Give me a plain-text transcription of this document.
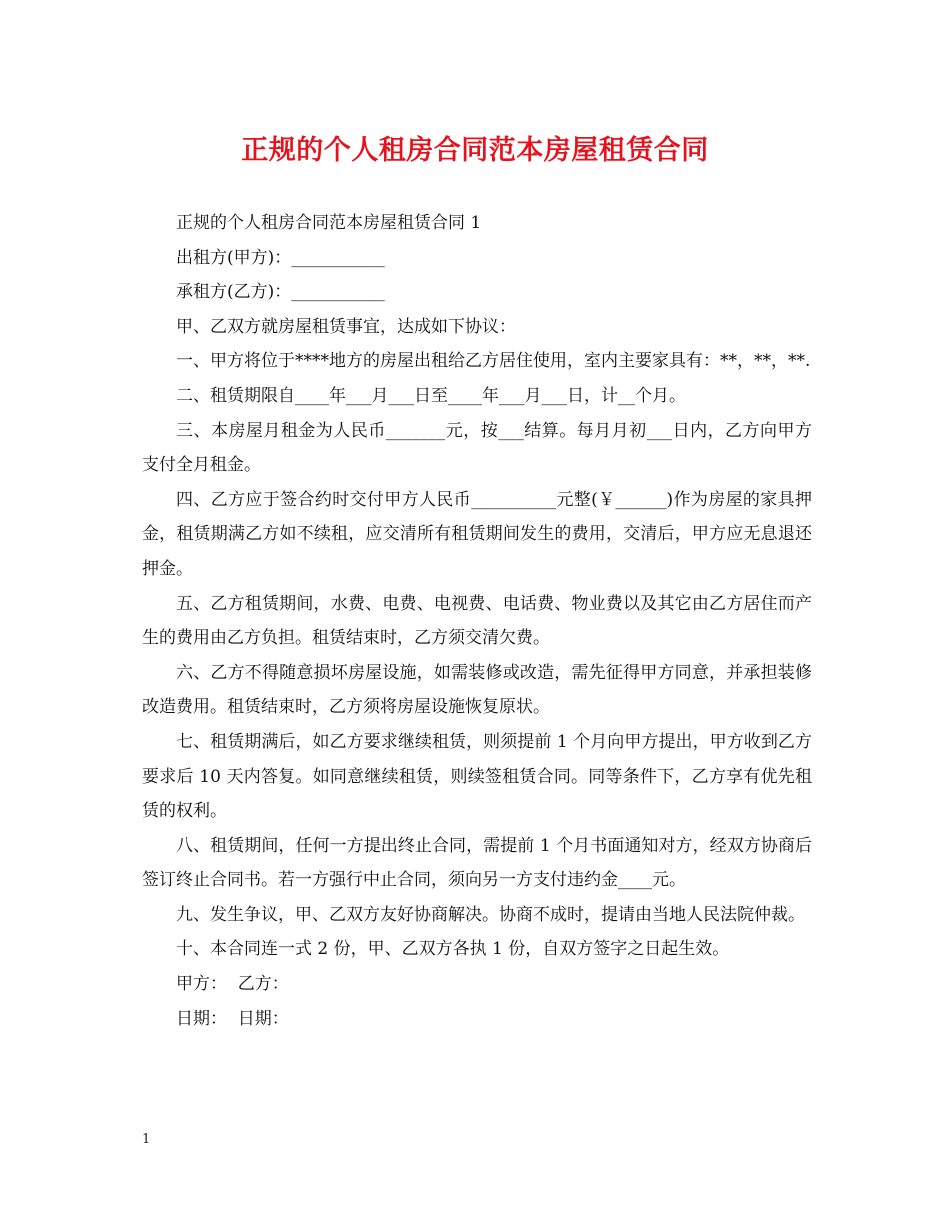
正规的个人租房合同范本房屋租赁合同

正规的个人租房合同范本房屋租赁合同 1

出租方(甲方)：___________

承租方(乙方)：___________

甲、乙双方就房屋租赁事宜，达成如下协议：

一、甲方将位于****地方的房屋出租给乙方居住使用，室内主要家具有：**，**，**.

二、租赁期限自____年___月___日至____年___月___日，计__个月。

三、本房屋月租金为人民币_______元，按___结算。每月月初___日内，乙方向甲方支付全月租金。

四、乙方应于签合约时交付甲方人民币__________元整(￥______)作为房屋的家具押金，租赁期满乙方如不续租，应交清所有租赁期间发生的费用，交清后，甲方应无息退还押金。

五、乙方租赁期间，水费、电费、电视费、电话费、物业费以及其它由乙方居住而产生的费用由乙方负担。租赁结束时，乙方须交清欠费。

六、乙方不得随意损坏房屋设施，如需装修或改造，需先征得甲方同意，并承担装修改造费用。租赁结束时，乙方须将房屋设施恢复原状。

七、租赁期满后，如乙方要求继续租赁，则须提前 1 个月向甲方提出，甲方收到乙方要求后 10 天内答复。如同意继续租赁，则续签租赁合同。同等条件下，乙方享有优先租赁的权利。

八、租赁期间，任何一方提出终止合同，需提前 1 个月书面通知对方，经双方协商后签订终止合同书。若一方强行中止合同，须向另一方支付违约金____元。

九、发生争议，甲、乙双方友好协商解决。协商不成时，提请由当地人民法院仲裁。

十、本合同连一式 2 份，甲、乙双方各执 1 份，自双方签字之日起生效。

甲方：  乙方：

日期：  日期：

1
